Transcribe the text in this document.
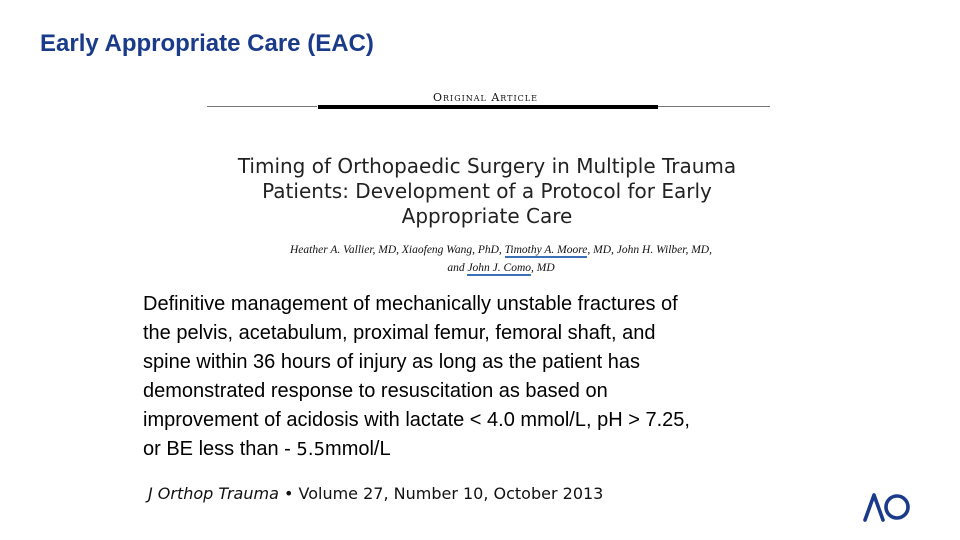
Early Appropriate Care (EAC)
Original Article
Timing of Orthopaedic Surgery in Multiple Trauma
Patients: Development of a Protocol for Early
Appropriate Care
Heather A. Vallier, MD, Xiaofeng Wang, PhD, Timothy A. Moore, MD, John H. Wilber, MD,
and John J. Como, MD
Definitive management of mechanically unstable fractures of
the pelvis, acetabulum, proximal femur, femoral shaft, and
spine within 36 hours of injury as long as the patient has
demonstrated response to resuscitation as based on
improvement of acidosis with lactate < 4.0 mmol/L, pH > 7.25,
or BE less than - 5.5mmol/L
J Orthop Trauma • Volume 27, Number 10, October 2013
